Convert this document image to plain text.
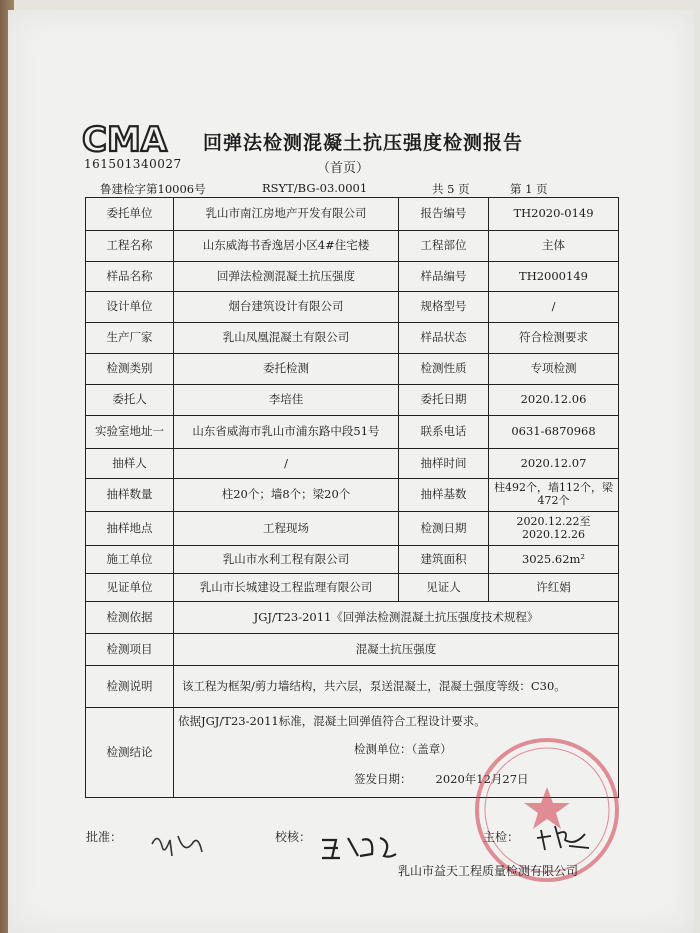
CMA
161501340027
回弹法检测混凝土抗压强度检测报告
（首页）
鲁建检字第10006号	RSYT/BG-03.0001	共 5 页	第 1 页
委托单位	乳山市南江房地产开发有限公司	报告编号	TH2020-0149
工程名称	山东威海书香逸居小区4#住宅楼	工程部位	主体
样品名称	回弹法检测混凝土抗压强度	样品编号	TH2000149
设计单位	烟台建筑设计有限公司	规格型号	/
生产厂家	乳山凤凰混凝土有限公司	样品状态	符合检测要求
检测类别	委托检测	检测性质	专项检测
委托人	李培佳	委托日期	2020.12.06
实验室地址一	山东省威海市乳山市浦东路中段51号	联系电话	0631-6870968
抽样人	/	抽样时间	2020.12.07
抽样数量	柱20个；墙8个；梁20个	抽样基数	柱492个，墙112个，梁472个
抽样地点	工程现场	检测日期	2020.12.22至2020.12.26
施工单位	乳山市水利工程有限公司	建筑面积	3025.62m²
见证单位	乳山市长城建设工程监理有限公司	见证人	许红娟
检测依据	JGJ/T23-2011《回弹法检测混凝土抗压强度技术规程》		
检测项目	混凝土抗压强度		
检测说明	该工程为框架/剪力墙结构，共六层，泵送混凝土，混凝土强度等级：C30。		
检测结论	依据JGJ/T23-2011标准，混凝土回弹值符合工程设计要求。
检测单位：（盖章）
签发日期： 2020年12月27日		
批准：	校核：	主检：
乳山市益天工程质量检测有限公司
